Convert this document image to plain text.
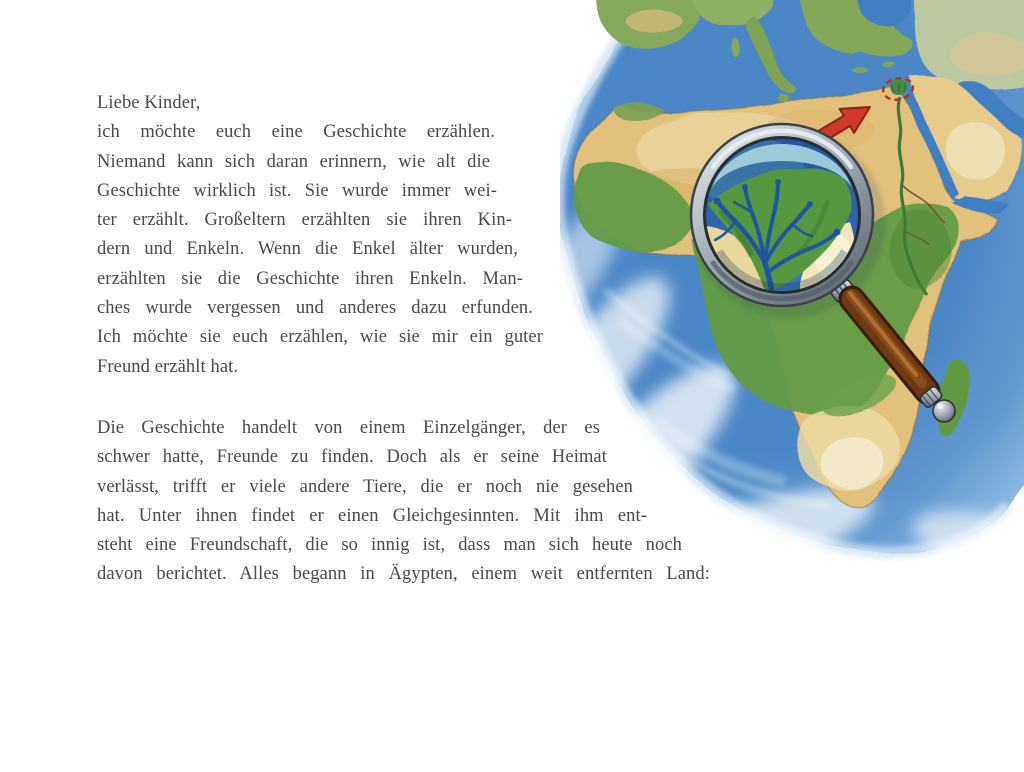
Liebe Kinder,
ich möchte euch eine Geschichte erzählen.
Niemand kann sich daran erinnern, wie alt die
Geschichte wirklich ist. Sie wurde immer wei-
ter erzählt. Großeltern erzählten sie ihren Kin-
dern und Enkeln. Wenn die Enkel älter wurden,
erzählten sie die Geschichte ihren Enkeln. Man-
ches wurde vergessen und anderes dazu erfunden.
Ich möchte sie euch erzählen, wie sie mir ein guter
Freund erzählt hat.
Die Geschichte handelt von einem Einzelgänger, der es
schwer hatte, Freunde zu finden. Doch als er seine Heimat
verlässt, trifft er viele andere Tiere, die er noch nie gesehen
hat. Unter ihnen findet er einen Gleichgesinnten. Mit ihm ent-
steht eine Freundschaft, die so innig ist, dass man sich heute noch
davon berichtet. Alles begann in Ägypten, einem weit entfernten Land:
